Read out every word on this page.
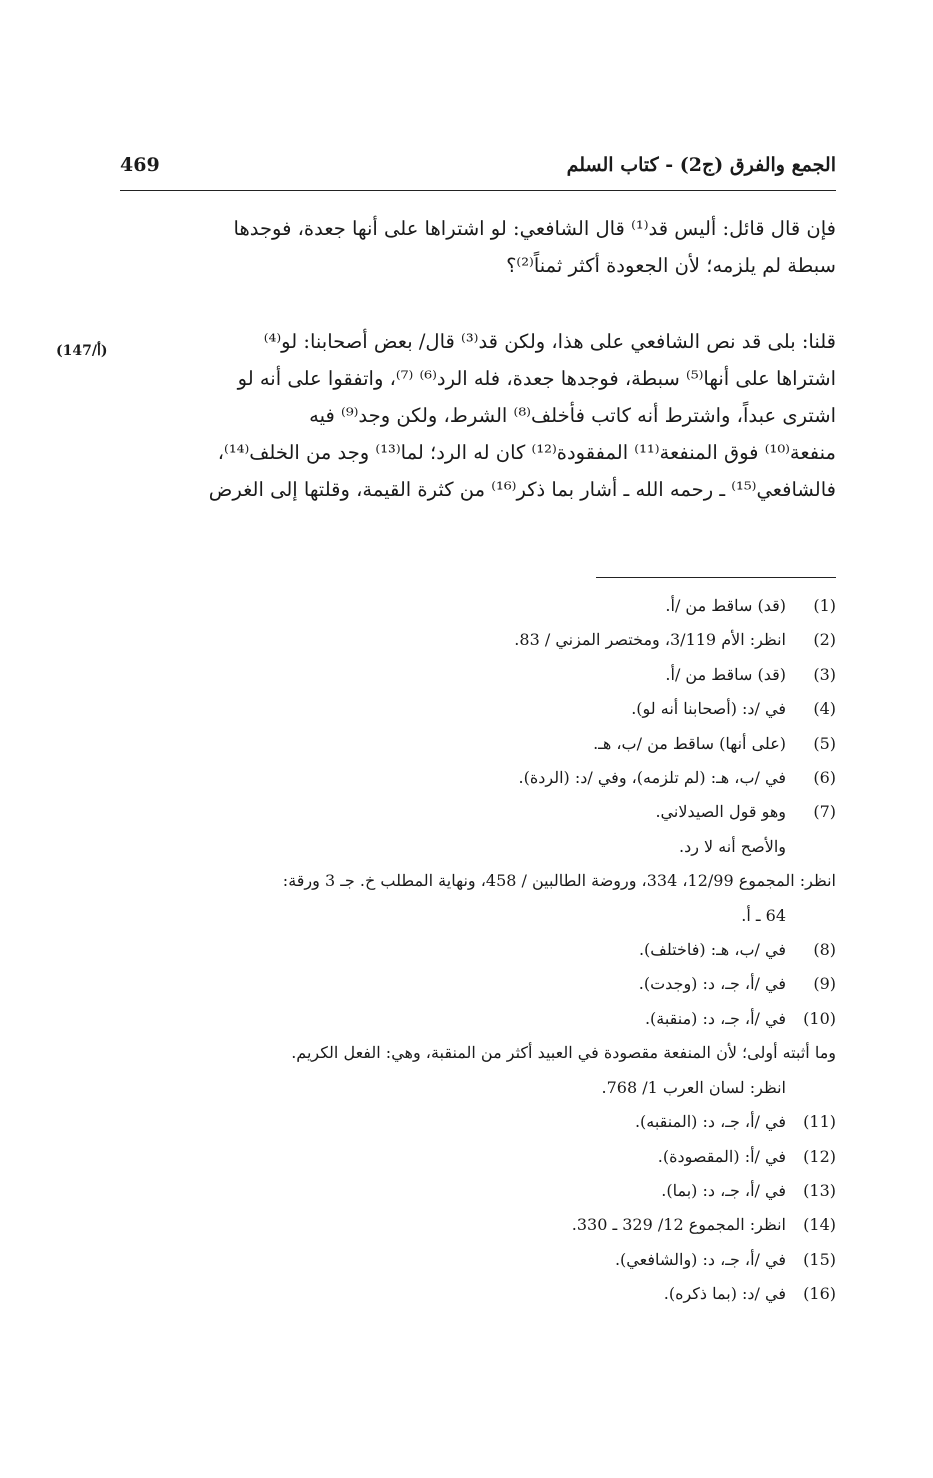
الجمع والفرق (ج2) - كتاب السلم
469
فإن قال قائل: أليس قد⁽¹⁾ قال الشافعي: لو اشتراها على أنها جعدة، فوجدها
سبطة لم يلزمه؛ لأن الجعودة أكثر ثمناً⁽²⁾؟
(147/أ)	قلنا: بلى قد نص الشافعي على هذا، ولكن قد⁽³⁾ قال/ بعض أصحابنا: لو⁽⁴⁾
اشتراها على أنها⁽⁵⁾ سبطة، فوجدها جعدة، فله الرد⁽⁶⁾ ⁽⁷⁾، واتفقوا على أنه لو
اشترى عبداً، واشترط أنه كاتب فأخلف⁽⁸⁾ الشرط، ولكن وجد⁽⁹⁾ فيه
منفعة⁽¹⁰⁾ فوق المنفعة⁽¹¹⁾ المفقودة⁽¹²⁾ كان له الرد؛ لما⁽¹³⁾ وجد من الخلف⁽¹⁴⁾،
فالشافعي⁽¹⁵⁾ ـ رحمه الله ـ أشار بما ذكر⁽¹⁶⁾ من كثرة القيمة، وقلتها إلى الغرض
(1)
(قد) ساقط من /أ.
(2)
انظر: الأم 3/119، ومختصر المزني / 83.
(3)
(قد) ساقط من /أ.
(4)
في /د: (أصحابنا أنه لو).
(5)
(على أنها) ساقط من /ب، هـ.
(6)
في /ب، هـ: (لم تلزمه)، وفي /د: (الردة).
(7)
وهو قول الصيدلاني.
والأصح أنه لا رد.
انظر: المجموع 12/99، 334، وروضة الطالبين / 458، ونهاية المطلب خ. جـ 3 ورقة:
64 ـ أ.
(8)
في /ب، هـ: (فاختلف).
(9)
في /أ، جـ، د: (وجدت).
(10)
في /أ، جـ، د: (منقبة).
وما أثبته أولى؛ لأن المنفعة مقصودة في العبيد أكثر من المنقبة، وهي: الفعل الكريم.
انظر: لسان العرب 1/ 768.
(11)
في /أ، جـ، د: (المنقبه).
(12)
في /أ: (المقصودة).
(13)
في /أ، جـ، د: (بما).
(14)
انظر: المجموع 12/ 329 ـ 330.
(15)
في /أ، جـ، د: (والشافعي).
(16)
في /د: (بما ذكره).
